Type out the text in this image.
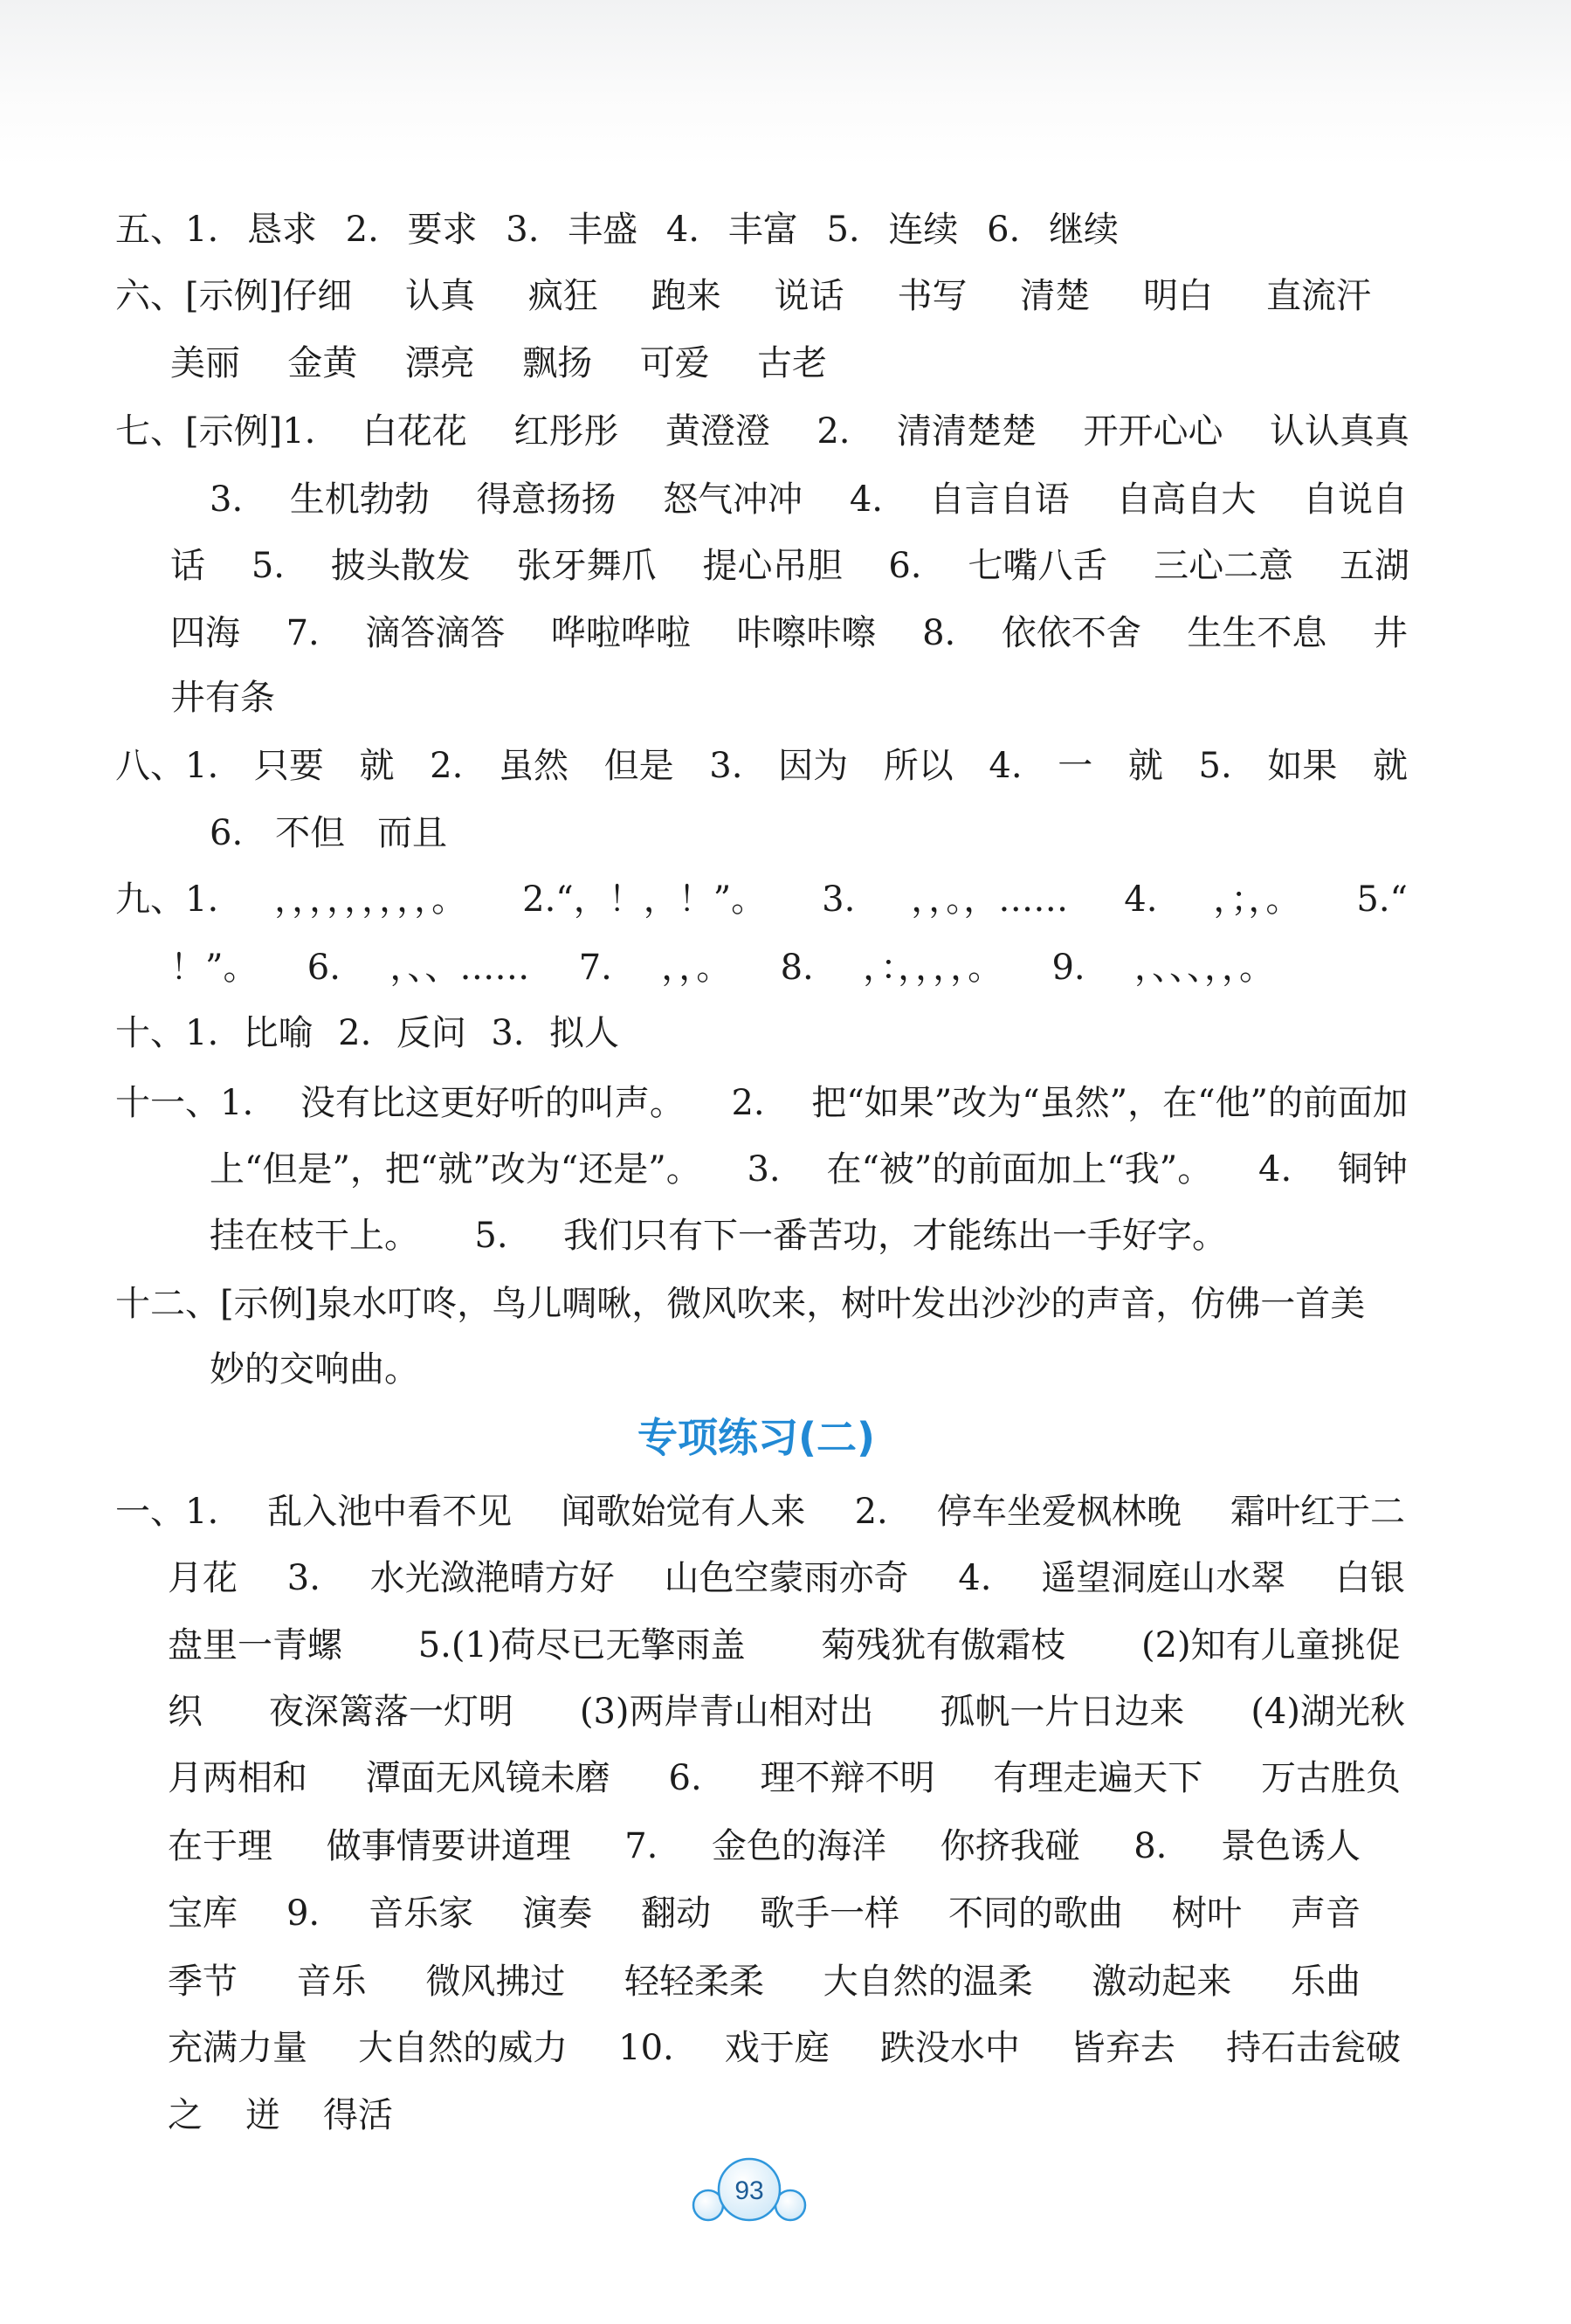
五、1. 恳求 2. 要求 3. 丰盛 4. 丰富 5. 连续 6. 继续
六、[示例]仔细 认真 疯狂 跑来 说话 书写 清楚 明白 直流汗
美丽 金黄 漂亮 飘扬 可爱 古老
七、[示例]1. 白花花 红彤彤 黄澄澄 2. 清清楚楚 开开心心 认认真真
3. 生机勃勃 得意扬扬 怒气冲冲 4. 自言自语 自高自大 自说自
话 5. 披头散发 张牙舞爪 提心吊胆 6. 七嘴八舌 三心二意 五湖
四海 7. 滴答滴答 哗啦哗啦 咔嚓咔嚓 8. 依依不舍 生生不息 井
井有条
八、1. 只要 就 2. 虽然 但是 3. 因为 所以 4. 一 就 5. 如果 就
6. 不但 而且
九、1. ，，，，，，，，，。 2.“，！，！”。 3. ，，。，…… 4. ，；，。 5.“
！”。 6. ，、、…… 7. ，，。 8. ，：，，，，。 9. ，、、、，，。
十、1. 比喻 2. 反问 3. 拟人
十一、1. 没有比这更好听的叫声。 2. 把“如果”改为“虽然”，在“他”的前面加
上“但是”，把“就”改为“还是”。 3. 在“被”的前面加上“我”。 4. 铜钟
挂在枝干上。 5. 我们只有下一番苦功，才能练出一手好字。
十二、[示例]泉水叮咚，鸟儿啁啾，微风吹来，树叶发出沙沙的声音，仿佛一首美
妙的交响曲。
专项练习(二)
一、1. 乱入池中看不见 闻歌始觉有人来 2. 停车坐爱枫林晚 霜叶红于二
月花 3. 水光潋滟晴方好 山色空蒙雨亦奇 4. 遥望洞庭山水翠 白银
盘里一青螺 5.(1)荷尽已无擎雨盖 菊残犹有傲霜枝 (2)知有儿童挑促
织 夜深篱落一灯明 (3)两岸青山相对出 孤帆一片日边来 (4)湖光秋
月两相和 潭面无风镜未磨 6. 理不辩不明 有理走遍天下 万古胜负
在于理 做事情要讲道理 7. 金色的海洋 你挤我碰 8. 景色诱人
宝库 9. 音乐家 演奏 翻动 歌手一样 不同的歌曲 树叶 声音
季节 音乐 微风拂过 轻轻柔柔 大自然的温柔 激动起来 乐曲
充满力量 大自然的威力 10. 戏于庭 跌没水中 皆弃去 持石击瓮破
之 迸 得活
93
